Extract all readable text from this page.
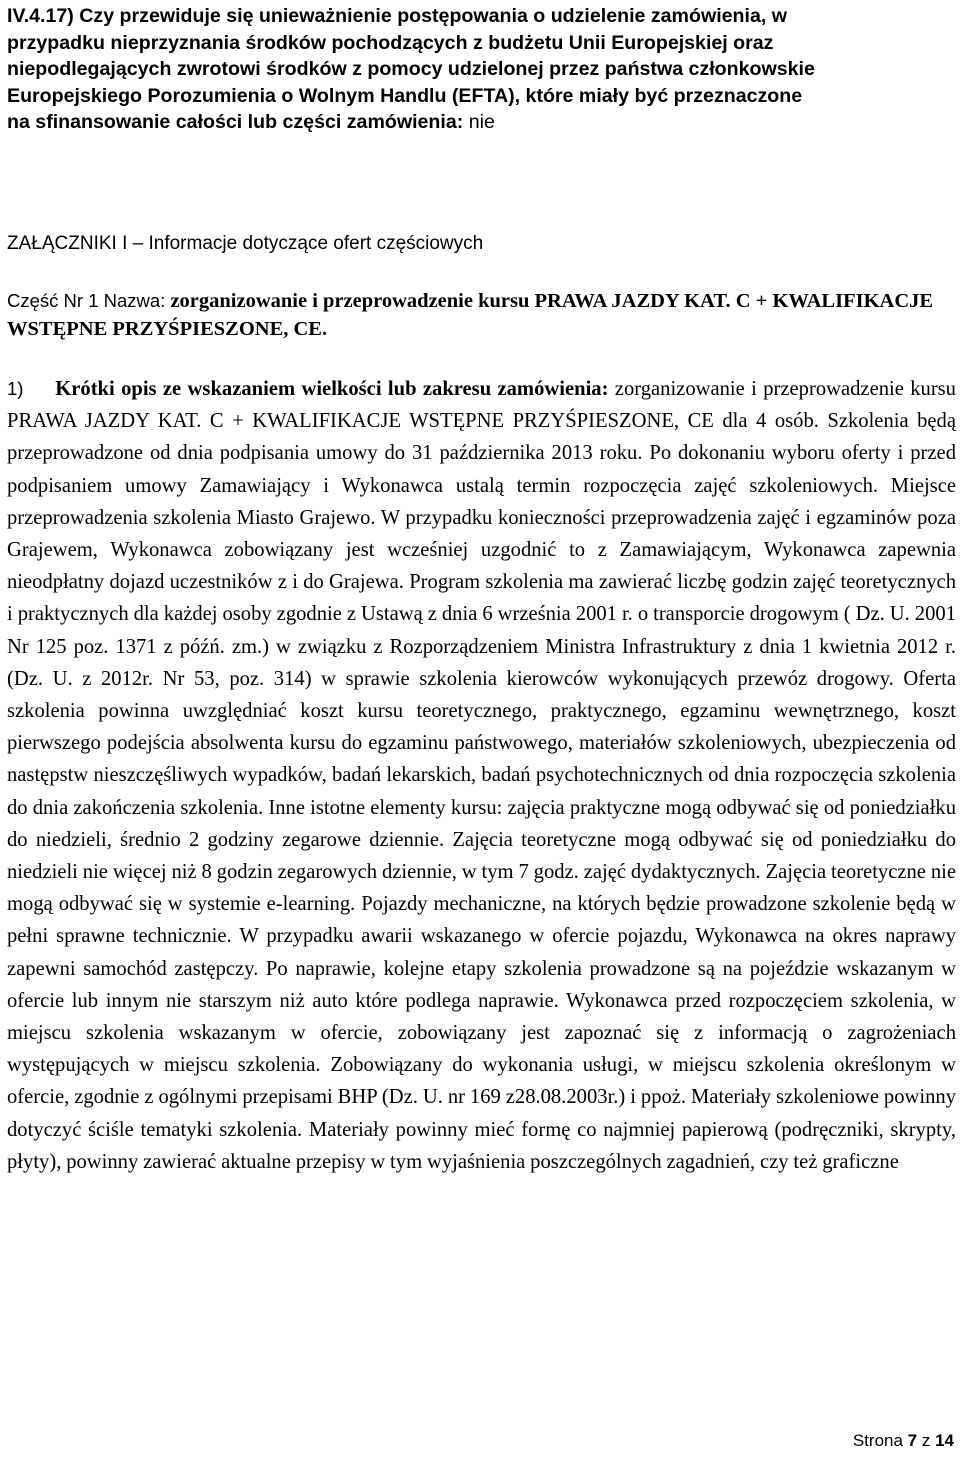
IV.4.17) Czy przewiduje się unieważnienie postępowania o udzielenie zamówienia, w
przypadku nieprzyznania środków pochodzących z budżetu Unii Europejskiej oraz
niepodlegających zwrotowi środków z pomocy udzielonej przez państwa członkowskie
Europejskiego Porozumienia o Wolnym Handlu (EFTA), które miały być przeznaczone
na sfinansowanie całości lub części zamówienia: nie
ZAŁĄCZNIKI I – Informacje dotyczące ofert częściowych
Część Nr 1 Nazwa: zorganizowanie i przeprowadzenie kursu PRAWA JAZDY KAT. C + KWALIFIKACJE WSTĘPNE PRZYŚPIESZONE, CE.
1) Krótki opis ze wskazaniem wielkości lub zakresu zamówienia: zorganizowanie i przeprowadzenie kursu PRAWA JAZDY KAT. C + KWALIFIKACJE WSTĘPNE PRZYŚPIESZONE, CE dla 4 osób. Szkolenia będą przeprowadzone od dnia podpisania umowy do 31 października 2013 roku. Po dokonaniu wyboru oferty i przed podpisaniem umowy Zamawiający i Wykonawca ustalą termin rozpoczęcia zajęć szkoleniowych. Miejsce przeprowadzenia szkolenia Miasto Grajewo. W przypadku konieczności przeprowadzenia zajęć i egzaminów poza Grajewem, Wykonawca zobowiązany jest wcześniej uzgodnić to z Zamawiającym, Wykonawca zapewnia nieodpłatny dojazd uczestników z i do Grajewa. Program szkolenia ma zawierać liczbę godzin zajęć teoretycznych i praktycznych dla każdej osoby zgodnie z Ustawą z dnia 6 września 2001 r. o transporcie drogowym ( Dz. U. 2001 Nr 125 poz. 1371 z późń. zm.) w związku z Rozporządzeniem Ministra Infrastruktury z dnia 1 kwietnia 2012 r. (Dz. U. z 2012r. Nr 53, poz. 314) w sprawie szkolenia kierowców wykonujących przewóz drogowy. Oferta szkolenia powinna uwzględniać koszt kursu teoretycznego, praktycznego, egzaminu wewnętrznego, koszt pierwszego podejścia absolwenta kursu do egzaminu państwowego, materiałów szkoleniowych, ubezpieczenia od następstw nieszczęśliwych wypadków, badań lekarskich, badań psychotechnicznych od dnia rozpoczęcia szkolenia do dnia zakończenia szkolenia. Inne istotne elementy kursu: zajęcia praktyczne mogą odbywać się od poniedziałku do niedzieli, średnio 2 godziny zegarowe dziennie. Zajęcia teoretyczne mogą odbywać się od poniedziałku do niedzieli nie więcej niż 8 godzin zegarowych dziennie, w tym 7 godz. zajęć dydaktycznych. Zajęcia teoretyczne nie mogą odbywać się w systemie e-learning. Pojazdy mechaniczne, na których będzie prowadzone szkolenie będą w pełni sprawne technicznie. W przypadku awarii wskazanego w ofercie pojazdu, Wykonawca na okres naprawy zapewni samochód zastępczy. Po naprawie, kolejne etapy szkolenia prowadzone są na pojeździe wskazanym w ofercie lub innym nie starszym niż auto które podlega naprawie. Wykonawca przed rozpoczęciem szkolenia, w miejscu szkolenia wskazanym w ofercie, zobowiązany jest zapoznać się z informacją o zagrożeniach występujących w miejscu szkolenia. Zobowiązany do wykonania usługi, w miejscu szkolenia określonym w ofercie, zgodnie z ogólnymi przepisami BHP (Dz. U. nr 169 z28.08.2003r.) i ppoż. Materiały szkoleniowe powinny dotyczyć ściśle tematyki szkolenia. Materiały powinny mieć formę co najmniej papierową (podręczniki, skrypty, płyty), powinny zawierać aktualne przepisy w tym wyjaśnienia poszczególnych zagadnień, czy też graficzne
Strona 7 z 14
